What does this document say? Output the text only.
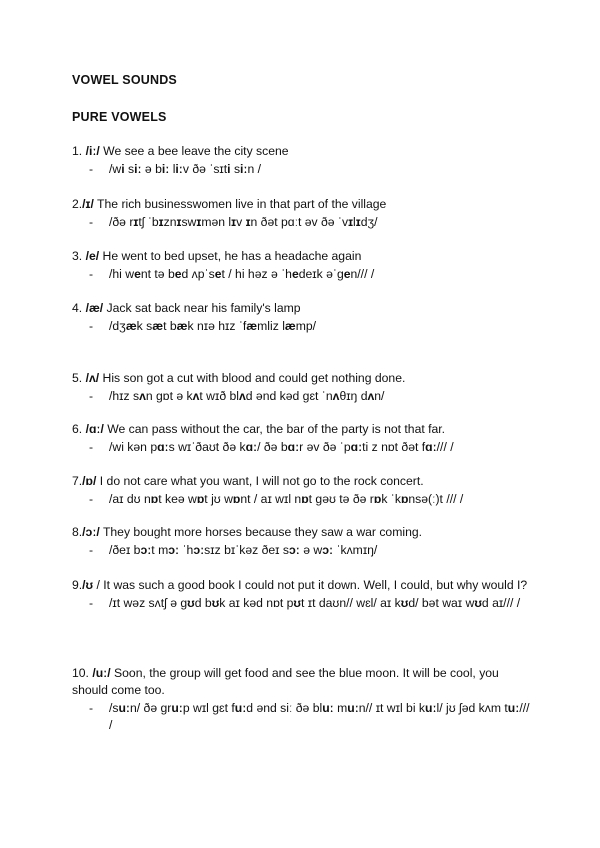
VOWEL SOUNDS
PURE VOWELS
1. /iː/ We see a bee leave the city scene
- /wi siː ə biː liːv ðə ˈsɪti siːn /
2./ɪ/ The rich businesswomen live in that part of the village
- /ðə rɪtʃ ˈbɪznɪswɪmən lɪv ɪn ðət pɑːt əv ðə ˈvɪlɪdʒ/
3. /e/ He went to bed upset, he has a headache again
- /hi went tə bed ʌpˈset / hi həz ə ˈhedeɪk əˈgen/// /
4. /æ/ Jack sat back near his family's lamp
- /dʒæk sæt bæk nɪə hɪz ˈfæmliz læmp/
5. /ʌ/ His son got a cut with blood and could get nothing done.
- /hɪz sʌn gɒt ə kʌt wɪð blʌd ənd kəd gɛt ˈnʌθɪŋ dʌn/
6. /ɑː/ We can pass without the car, the bar of the party is not that far.
- /wi kən pɑːs wɪˈðaʊt ðə kɑː/ ðə bɑːr əv ðə ˈpɑːti z nɒt ðət fɑː/// /
7./ɒ/ I do not care what you want, I will not go to the rock concert.
- /aɪ dʊ nɒt keə wɒt jʊ wɒnt / aɪ wɪl nɒt gəʊ tə ðə rɒk ˈkɒnsə(ː)t /// /
8./ɔː/ They bought more horses because they saw a war coming.
- /ðeɪ bɔːt mɔː ˈhɔːsɪz bɪˈkəz ðeɪ sɔː ə wɔː ˈkʌmɪŋ/
9./ʊ / It was such a good book I could not put it down. Well, I could, but why would I?
- /ɪt wəz sʌtʃ ə gʊd bʊk aɪ kəd nɒt pʊt ɪt daʊn// wɛl/ aɪ kʊd/ bət waɪ wʊd aɪ/// /
10. /uː/ Soon, the group will get food and see the blue moon. It will be cool, you should come too.
- /suːn/ ðə gruːp wɪl gɛt fuːd ənd siː ðə bluː muːn// ɪt wɪl bi kuːl/ jʊ ʃəd kʌm tuː/// /
